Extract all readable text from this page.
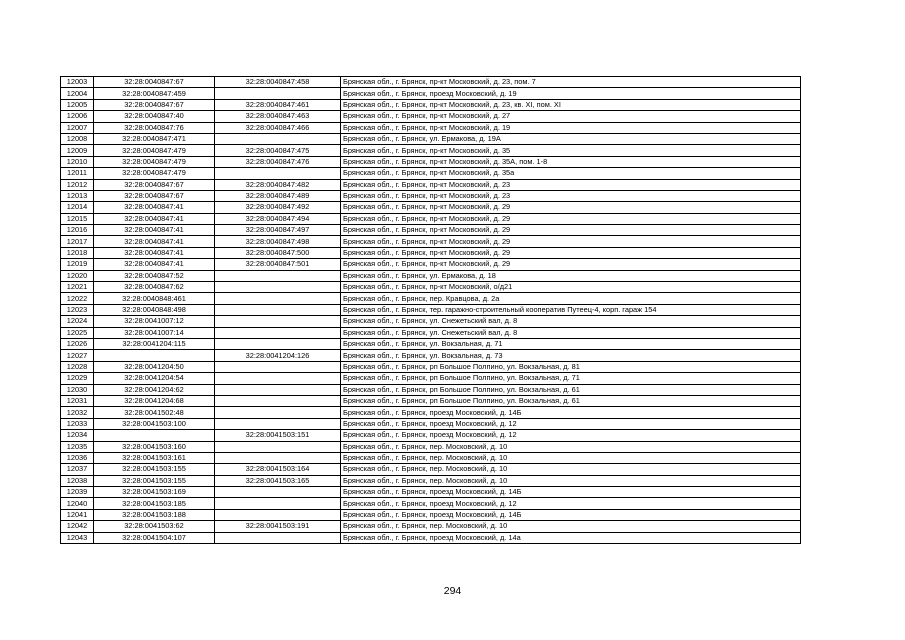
12003	32:28:0040847:67	32:28:0040847:458	Брянская обл., г. Брянск, пр-кт Московский, д. 23, пом. 7
12004	32:28:0040847:459		Брянская обл., г. Брянск, проезд Московский, д. 19
12005	32:28:0040847:67	32:28:0040847:461	Брянская обл., г. Брянск, пр-кт Московский, д. 23, кв. XI, пом. XI
12006	32:28:0040847:40	32:28:0040847:463	Брянская обл., г. Брянск, пр-кт Московский, д. 27
12007	32:28:0040847:76	32:28:0040847:466	Брянская обл., г. Брянск, пр-кт Московский, д. 19
12008	32:28:0040847:471		Брянская обл., г. Брянск, ул. Ермакова, д. 19А
12009	32:28:0040847:479	32:28:0040847:475	Брянская обл., г. Брянск, пр-кт Московский, д. 35
12010	32:28:0040847:479	32:28:0040847:476	Брянская обл., г. Брянск, пр-кт Московский, д. 35А, пом. 1-8
12011	32:28:0040847:479		Брянская обл., г. Брянск, пр-кт Московский, д. 35а
12012	32:28:0040847:67	32:28:0040847:482	Брянская обл., г. Брянск, пр-кт Московский, д. 23
12013	32:28:0040847:67	32:28:0040847:489	Брянская обл., г. Брянск, пр-кт Московский, д. 23
12014	32:28:0040847:41	32:28:0040847:492	Брянская обл., г. Брянск, пр-кт Московский, д. 29
12015	32:28:0040847:41	32:28:0040847:494	Брянская обл., г. Брянск, пр-кт Московский, д. 29
12016	32:28:0040847:41	32:28:0040847:497	Брянская обл., г. Брянск, пр-кт Московский, д. 29
12017	32:28:0040847:41	32:28:0040847:498	Брянская обл., г. Брянск, пр-кт Московский, д. 29
12018	32:28:0040847:41	32:28:0040847:500	Брянская обл., г. Брянск, пр-кт Московский, д. 29
12019	32:28:0040847:41	32:28:0040847:501	Брянская обл., г. Брянск, пр-кт Московский, д. 29
12020	32:28:0040847:52		Брянская обл., г. Брянск, ул. Ермакова, д. 18
12021	32:28:0040847:62		Брянская обл., г. Брянск, пр-кт Московский, о/д21
12022	32:28:0040848:461		Брянская обл., г. Брянск, пер. Кравцова, д. 2а
12023	32:28:0040848:498		Брянская обл., г. Брянск, тер. гаражно-строительный кооператив Путеец-4, корп. гараж 154
12024	32:28:0041007:12		Брянская обл., г. Брянск, ул. Снежетьский вал, д. 8
12025	32:28:0041007:14		Брянская обл., г. Брянск, ул. Снежетьский вал, д. 8
12026	32:28:0041204:115		Брянская обл., г. Брянск, ул. Вокзальная, д. 71
12027		32:28:0041204:126	Брянская обл., г. Брянск, ул. Вокзальная, д. 73
12028	32:28:0041204:50		Брянская обл., г. Брянск, рп Большое Полпино, ул. Вокзальная, д. 81
12029	32:28:0041204:54		Брянская обл., г. Брянск, рп Большое Полпино, ул. Вокзальная, д. 71
12030	32:28:0041204:62		Брянская обл., г. Брянск, рп Большое Полпино, ул. Вокзальная, д. 61
12031	32:28:0041204:68		Брянская обл., г. Брянск, рп Большое Полпино, ул. Вокзальная, д. 61
12032	32:28:0041502:48		Брянская обл., г. Брянск, проезд Московский, д. 14Б
12033	32:28:0041503:100		Брянская обл., г. Брянск, проезд Московский, д. 12
12034		32:28:0041503:151	Брянская обл., г. Брянск, проезд Московский, д. 12
12035	32:28:0041503:160		Брянская обл., г. Брянск, пер. Московский, д. 10
12036	32:28:0041503:161		Брянская обл., г. Брянск, пер. Московский, д. 10
12037	32:28:0041503:155	32:28:0041503:164	Брянская обл., г. Брянск, пер. Московский, д. 10
12038	32:28:0041503:155	32:28:0041503:165	Брянская обл., г. Брянск, пер. Московский, д. 10
12039	32:28:0041503:169		Брянская обл., г. Брянск, проезд Московский, д. 14Б
12040	32:28:0041503:185		Брянская обл., г. Брянск, проезд Московский, д. 12
12041	32:28:0041503:188		Брянская обл., г. Брянск, проезд Московский, д. 14Б
12042	32:28:0041503:62	32:28:0041503:191	Брянская обл., г. Брянск, пер. Московский, д. 10
12043	32:28:0041504:107		Брянская обл., г. Брянск, проезд Московский, д. 14а
294
